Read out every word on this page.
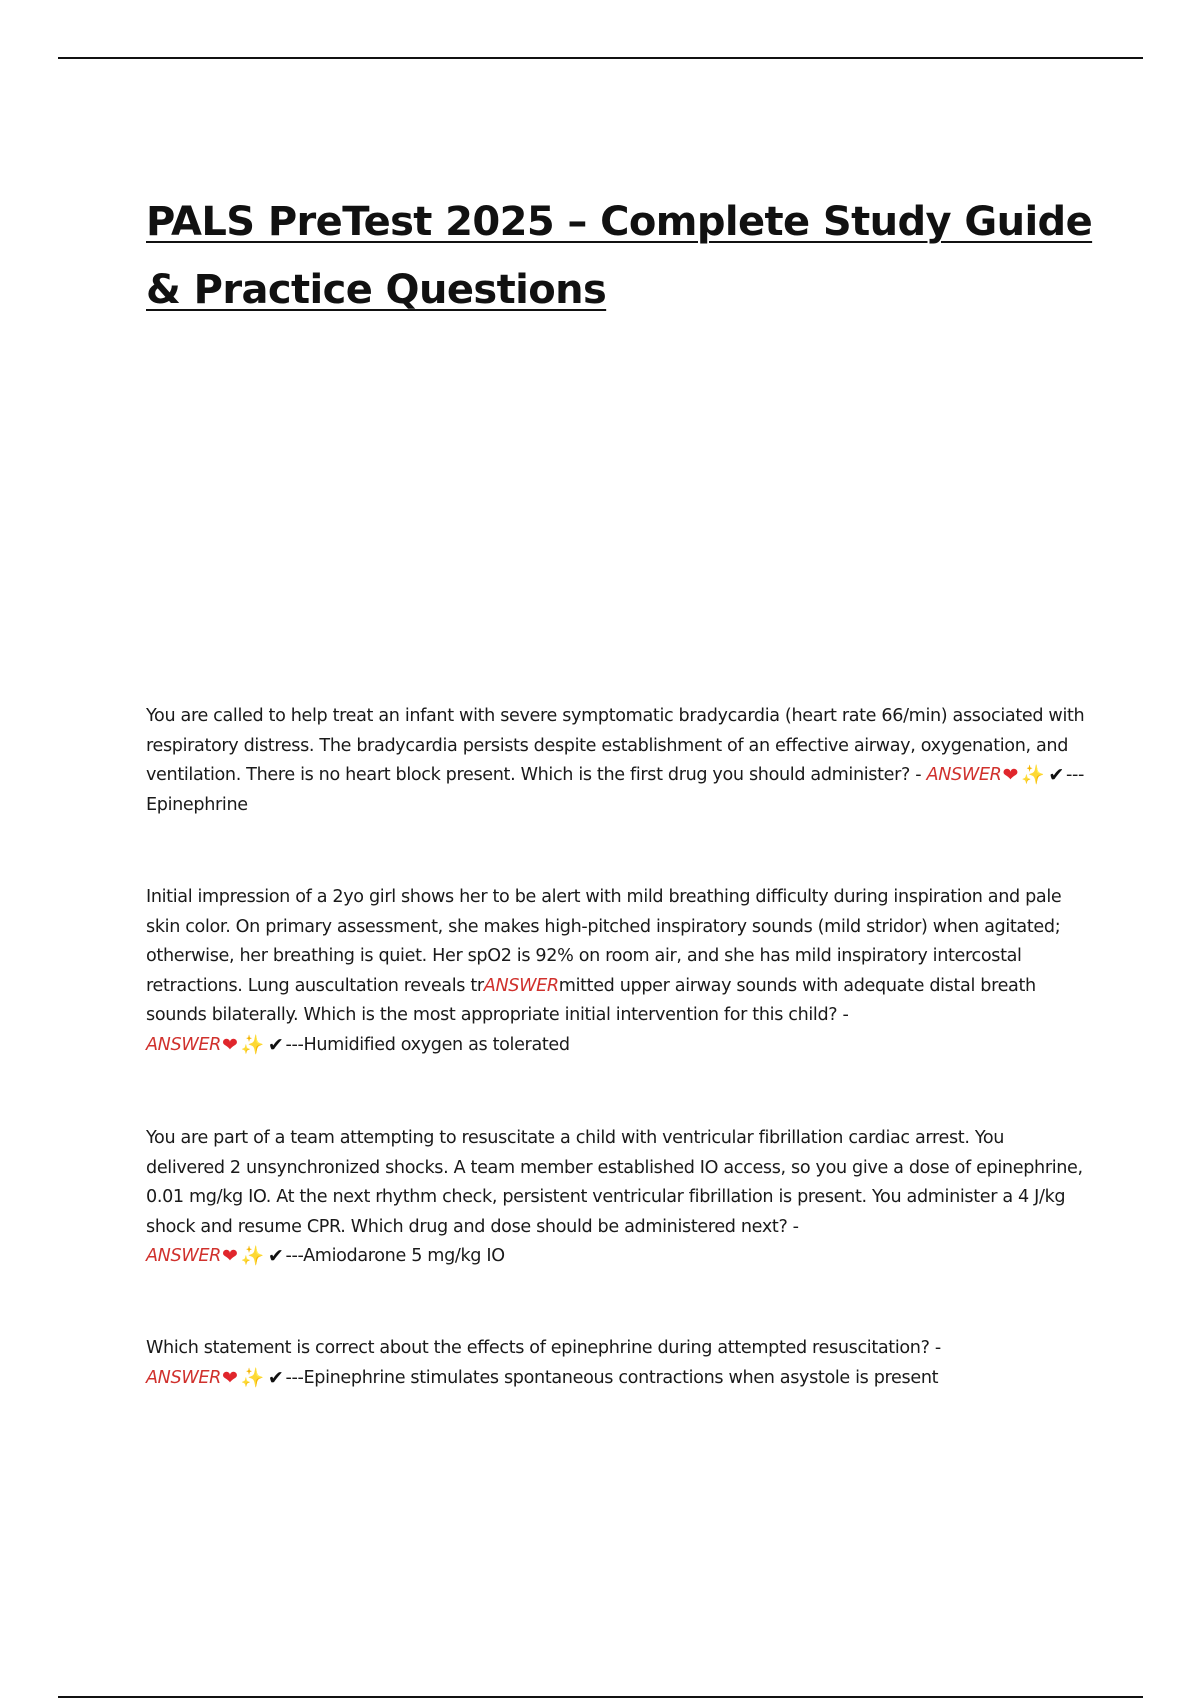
PALS PreTest 2025 – Complete Study Guide & Practice Questions

You are called to help treat an infant with severe symptomatic bradycardia (heart rate 66/min) associated with respiratory distress. The bradycardia persists despite establishment of an effective airway, oxygenation, and ventilation. There is no heart block present. Which is the first drug you should administer? - ANSWER❤ ✨ ✔ ---Epinephrine

Initial impression of a 2yo girl shows her to be alert with mild breathing difficulty during inspiration and pale skin color. On primary assessment, she makes high-pitched inspiratory sounds (mild stridor) when agitated; otherwise, her breathing is quiet. Her spO2 is 92% on room air, and she has mild inspiratory intercostal retractions. Lung auscultation reveals trANSWERmitted upper airway sounds with adequate distal breath sounds bilaterally. Which is the most appropriate initial intervention for this child? -
ANSWER❤ ✨ ✔ ---Humidified oxygen as tolerated

You are part of a team attempting to resuscitate a child with ventricular fibrillation cardiac arrest. You delivered 2 unsynchronized shocks. A team member established IO access, so you give a dose of epinephrine, 0.01 mg/kg IO. At the next rhythm check, persistent ventricular fibrillation is present. You administer a 4 J/kg shock and resume CPR. Which drug and dose should be administered next? -
ANSWER❤ ✨ ✔ ---Amiodarone 5 mg/kg IO

Which statement is correct about the effects of epinephrine during attempted resuscitation? -
ANSWER❤ ✨ ✔ ---Epinephrine stimulates spontaneous contractions when asystole is present
